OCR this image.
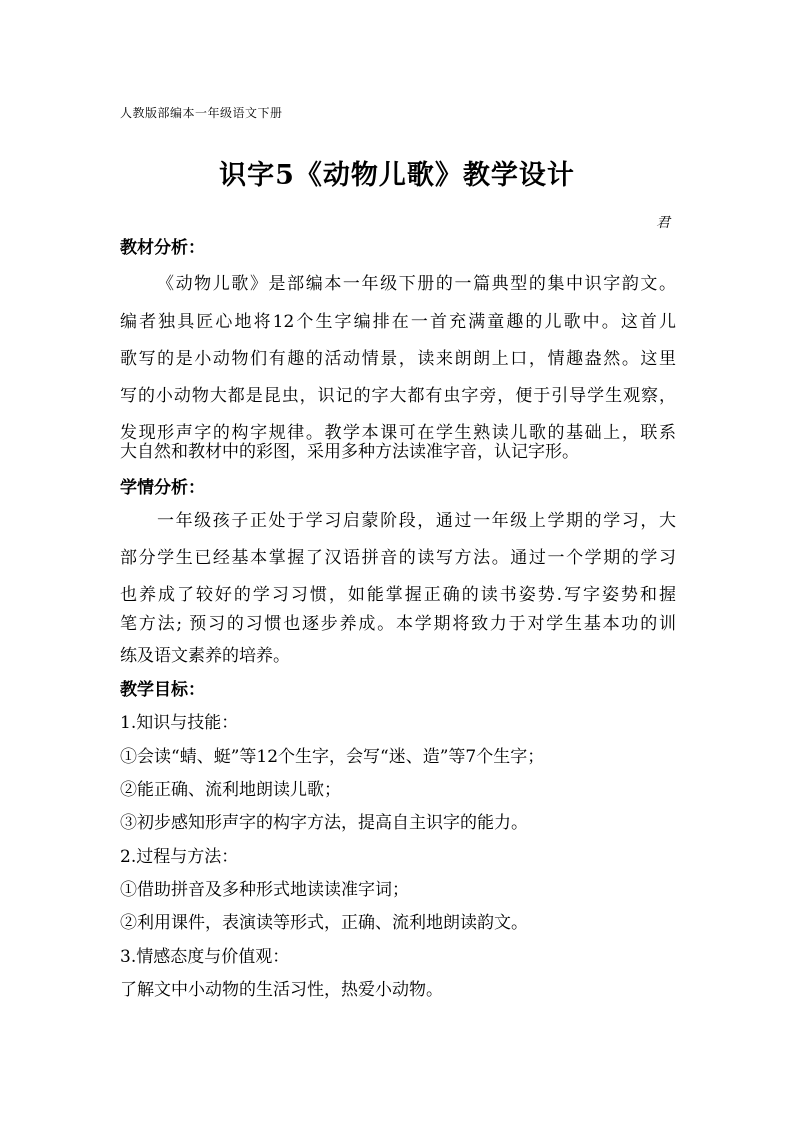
人教版部编本一年级语文下册
识字5《动物儿歌》教学设计
君
教材分析：
《动物儿歌》是部编本一年级下册的一篇典型的集中识字韵文。
编者独具匠心地将12个生字编排在一首充满童趣的儿歌中。这首儿
歌写的是小动物们有趣的活动情景，读来朗朗上口，情趣盎然。这里
写的小动物大都是昆虫，识记的字大都有虫字旁，便于引导学生观察，
发现形声字的构字规律。教学本课可在学生熟读儿歌的基础上，联系
大自然和教材中的彩图，采用多种方法读准字音，认记字形。
学情分析：
一年级孩子正处于学习启蒙阶段，通过一年级上学期的学习，大
部分学生已经基本掌握了汉语拼音的读写方法。通过一个学期的学习
也养成了较好的学习习惯，如能掌握正确的读书姿势.写字姿势和握
笔方法; 预习的习惯也逐步养成。本学期将致力于对学生基本功的训
练及语文素养的培养。
教学目标：
1.知识与技能：
①会读“蜻、蜓”等12个生字，会写“迷、造”等7个生字；
②能正确、流利地朗读儿歌；
③初步感知形声字的构字方法，提高自主识字的能力。
2.过程与方法：
①借助拼音及多种形式地读读准字词；
②利用课件，表演读等形式，正确、流利地朗读韵文。
3.情感态度与价值观：
了解文中小动物的生活习性，热爱小动物。
